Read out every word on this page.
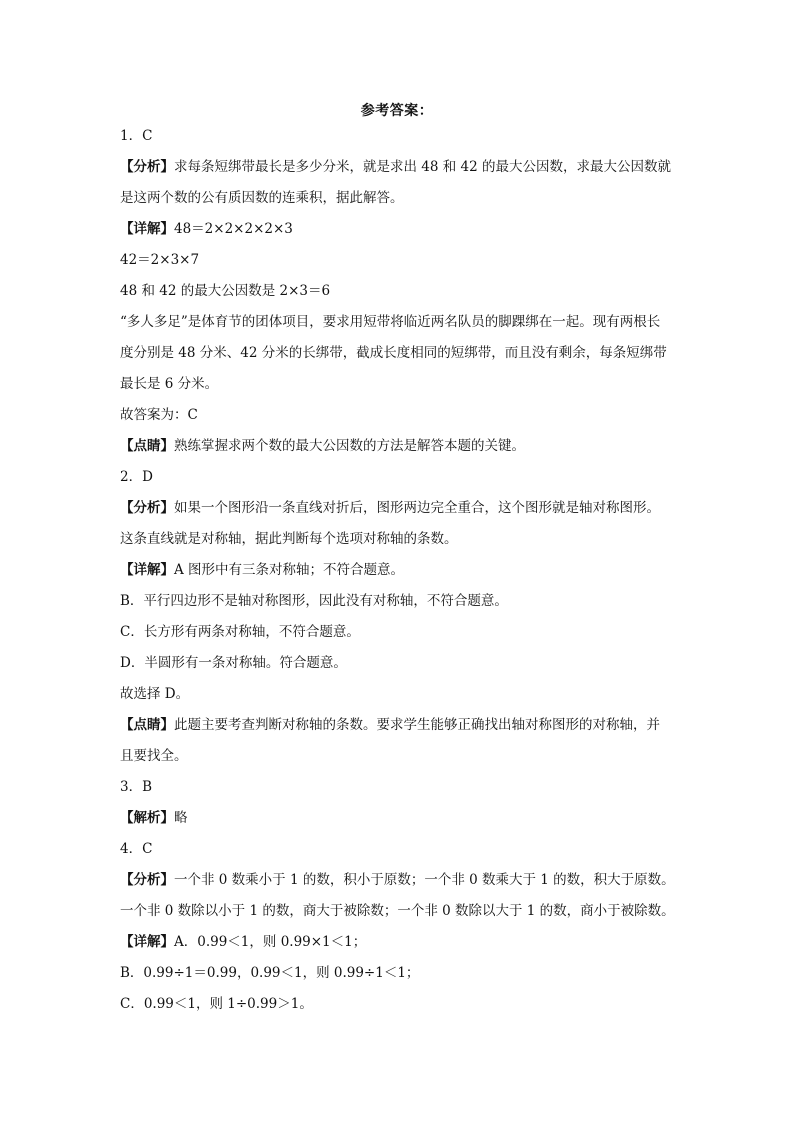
参考答案：
1．C
【分析】求每条短绑带最长是多少分米，就是求出 48 和 42 的最大公因数，求最大公因数就
是这两个数的公有质因数的连乘积，据此解答。
【详解】48＝2×2×2×2×3
42＝2×3×7
48 和 42 的最大公因数是 2×3＝6
“多人多足”是体育节的团体项目，要求用短带将临近两名队员的脚踝绑在一起。现有两根长
度分别是 48 分米、42 分米的长绑带，截成长度相同的短绑带，而且没有剩余，每条短绑带
最长是 6 分米。
故答案为：C
【点睛】熟练掌握求两个数的最大公因数的方法是解答本题的关键。
2．D
【分析】如果一个图形沿一条直线对折后，图形两边完全重合，这个图形就是轴对称图形。
这条直线就是对称轴，据此判断每个选项对称轴的条数。
【详解】A 图形中有三条对称轴；不符合题意。
B．平行四边形不是轴对称图形，因此没有对称轴，不符合题意。
C．长方形有两条对称轴，不符合题意。
D．半圆形有一条对称轴。符合题意。
故选择 D。
【点睛】此题主要考查判断对称轴的条数。要求学生能够正确找出轴对称图形的对称轴，并
且要找全。
3．B
【解析】略
4．C
【分析】一个非 0 数乘小于 1 的数，积小于原数；一个非 0 数乘大于 1 的数，积大于原数。
一个非 0 数除以小于 1 的数，商大于被除数；一个非 0 数除以大于 1 的数，商小于被除数。
【详解】A．0.99＜1，则 0.99×1＜1；
B．0.99÷1＝0.99，0.99＜1，则 0.99÷1＜1；
C．0.99＜1，则 1÷0.99＞1。
